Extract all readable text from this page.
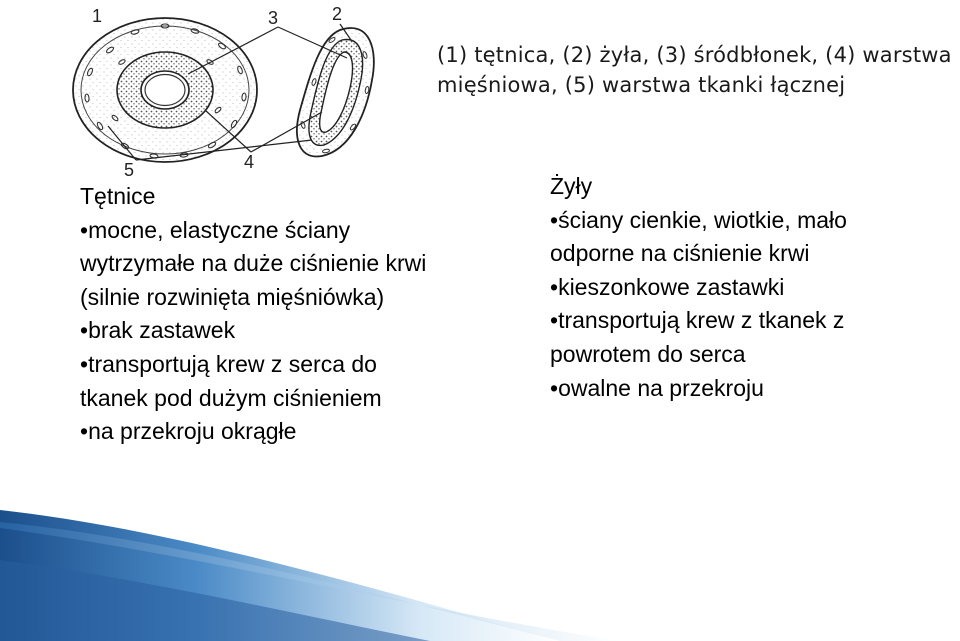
1	2
3
4
5
(1) tętnica, (2) żyła, (3) śródbłonek, (4) warstwa mięśniowa, (5) warstwa tkanki łącznej
Tętnice
• mocne, elastyczne ściany
wytrzymałe na duże ciśnienie krwi
(silnie rozwinięta mięśniówka)
• brak zastawek
• transportują krew z serca do
tkanek pod dużym ciśnieniem
• na przekroju okrągłe
Żyły
• ściany cienkie, wiotkie, mało
odporne na ciśnienie krwi
• kieszonkowe zastawki
• transportują krew z tkanek z
powrotem do serca
• owalne na przekroju
